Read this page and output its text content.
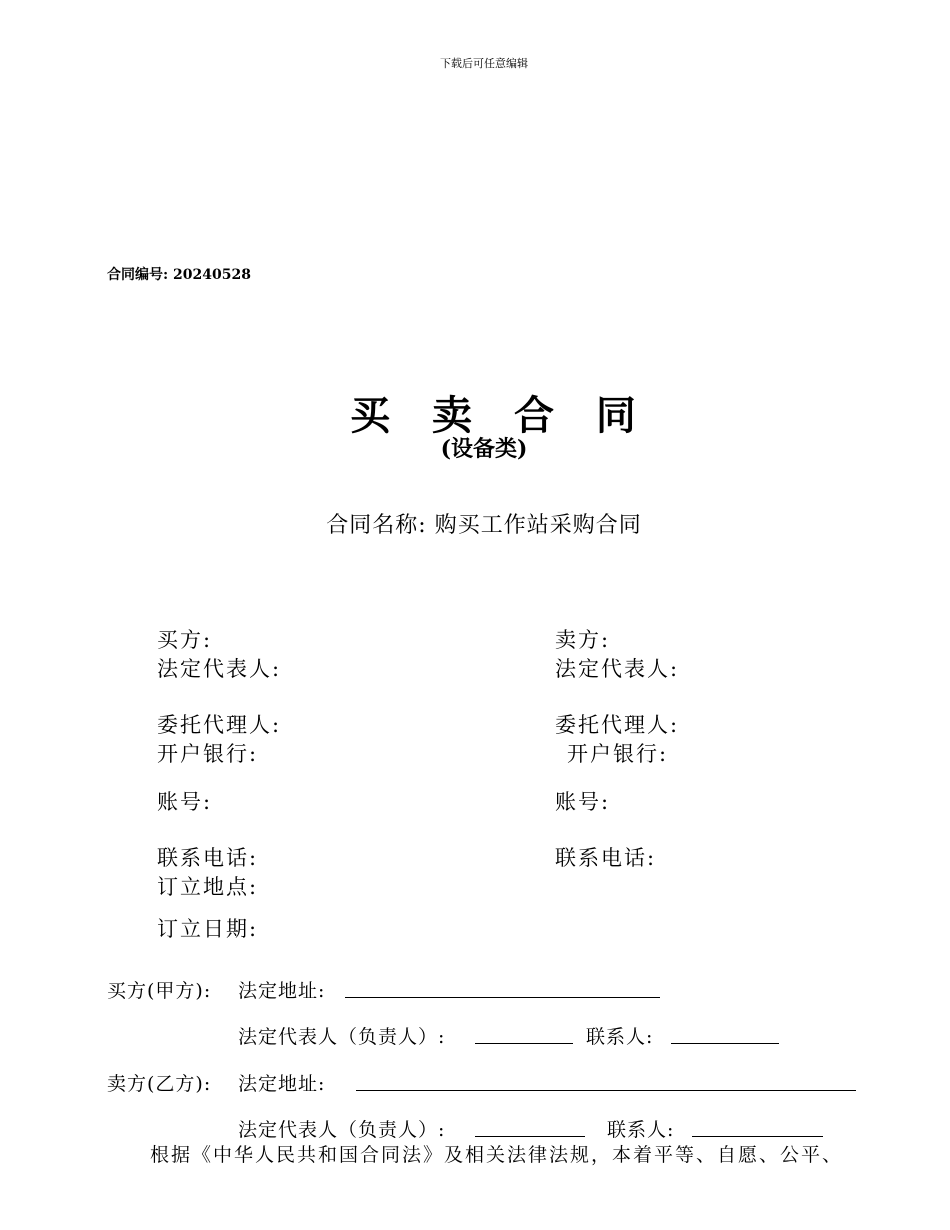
下载后可任意编辑
合同编号: 20240528
买 卖 合 同
(设备类)
合同名称: 购买工作站采购合同
买方:
法定代表人:
委托代理人:
开户银行:
账号:
联系电话:
订立地点:
订立日期:
卖方:
法定代表人:
委托代理人:
开户银行:
账号:
联系电话:
买方(甲方): 法定地址:
法定代表人（负责人）:	联系人:
卖方(乙方): 法定地址:
法定代表人（负责人）:	联系人:
根据《中华人民共和国合同法》及相关法律法规，本着平等、自愿、公平、
